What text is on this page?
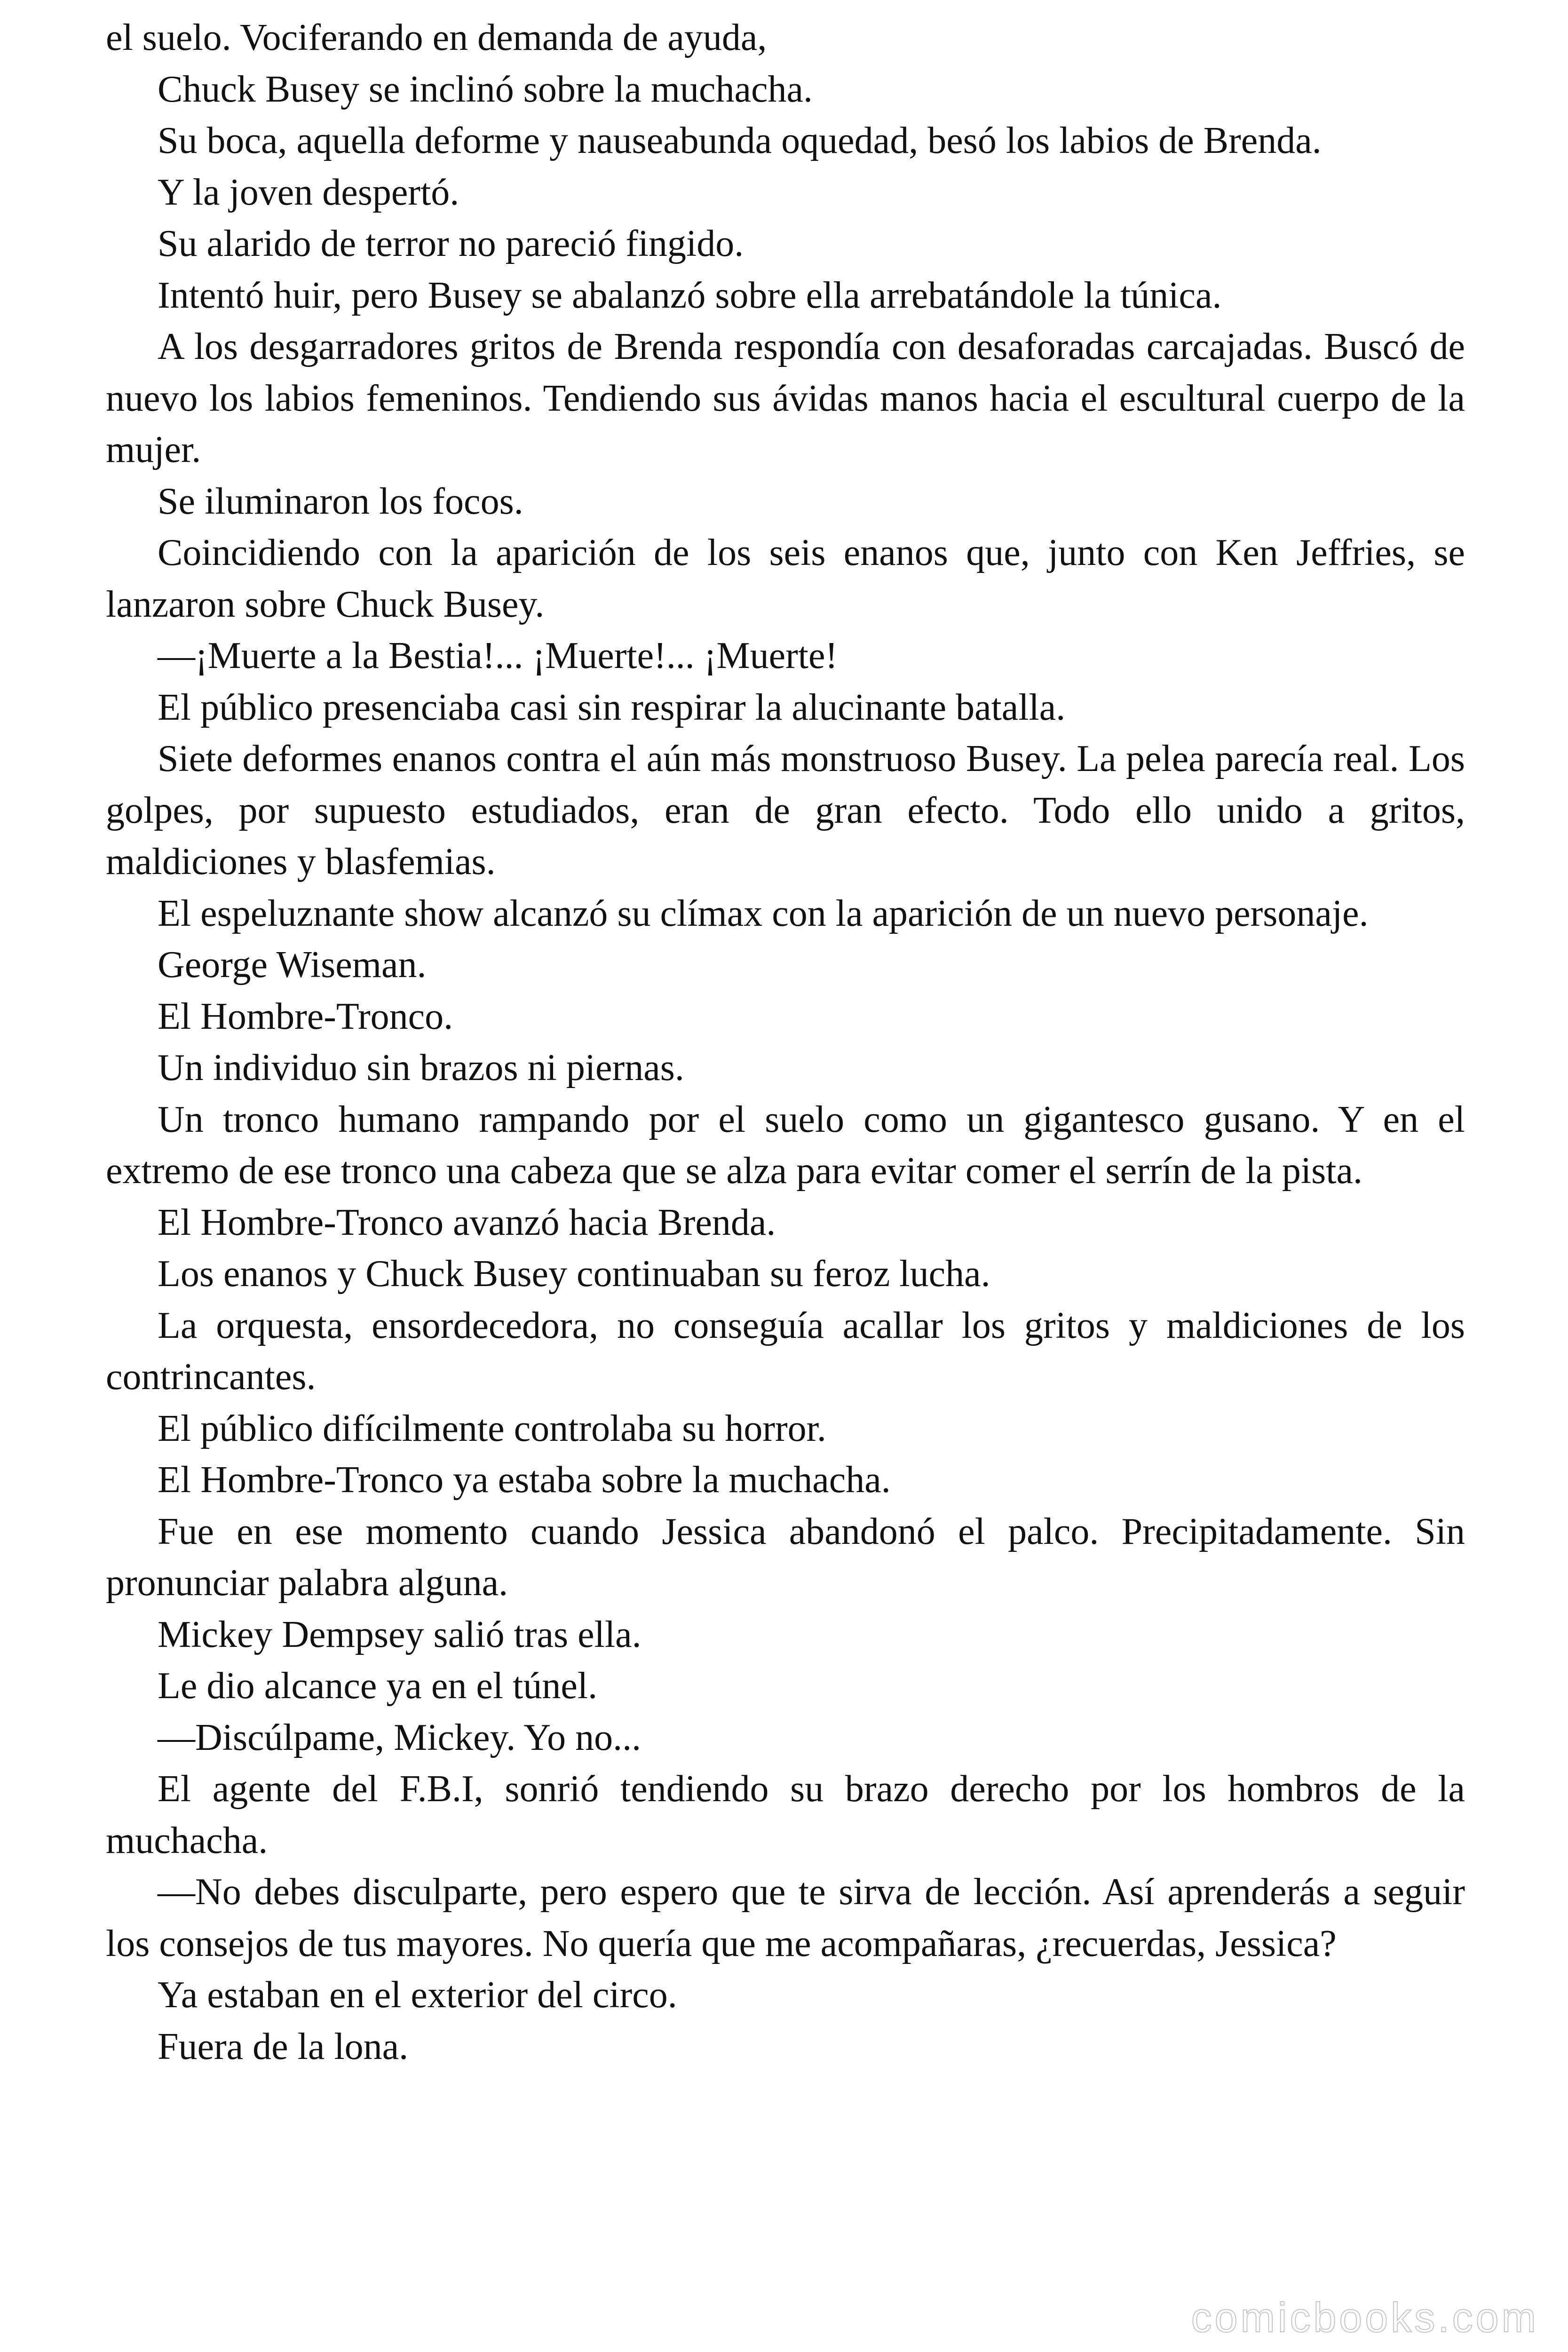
el suelo. Vociferando en demanda de ayuda,

Chuck Busey se inclinó sobre la muchacha.

Su boca, aquella deforme y nauseabunda oquedad, besó los labios de Brenda.

Y la joven despertó.

Su alarido de terror no pareció fingido.

Intentó huir, pero Busey se abalanzó sobre ella arrebatándole la túnica.

A los desgarradores gritos de Brenda respondía con desaforadas carcajadas. Buscó de nuevo los labios femeninos. Tendiendo sus ávidas manos hacia el escultural cuerpo de la mujer.

Se iluminaron los focos.

Coincidiendo con la aparición de los seis enanos que, junto con Ken Jeffries, se lanzaron sobre Chuck Busey.

—¡Muerte a la Bestia!... ¡Muerte!... ¡Muerte!

El público presenciaba casi sin respirar la alucinante batalla.

Siete deformes enanos contra el aún más monstruoso Busey. La pelea parecía real. Los golpes, por supuesto estudiados, eran de gran efecto. Todo ello unido a gritos, maldiciones y blasfemias.

El espeluznante show alcanzó su clímax con la aparición de un nuevo personaje.

George Wiseman.

El Hombre-Tronco.

Un individuo sin brazos ni piernas.

Un tronco humano rampando por el suelo como un gigantesco gusano. Y en el extremo de ese tronco una cabeza que se alza para evitar comer el serrín de la pista.

El Hombre-Tronco avanzó hacia Brenda.

Los enanos y Chuck Busey continuaban su feroz lucha.

La orquesta, ensordecedora, no conseguía acallar los gritos y maldiciones de los contrincantes.

El público difícilmente controlaba su horror.

El Hombre-Tronco ya estaba sobre la muchacha.

Fue en ese momento cuando Jessica abandonó el palco. Precipitadamente. Sin pronunciar palabra alguna.

Mickey Dempsey salió tras ella.

Le dio alcance ya en el túnel.

—Discúlpame, Mickey. Yo no...

El agente del F.B.I, sonrió tendiendo su brazo derecho por los hombros de la muchacha.

—No debes disculparte, pero espero que te sirva de lección. Así aprenderás a seguir los consejos de tus mayores. No quería que me acompañaras, ¿recuerdas, Jessica?

Ya estaban en el exterior del circo.

Fuera de la lona.

comicbooks.com
